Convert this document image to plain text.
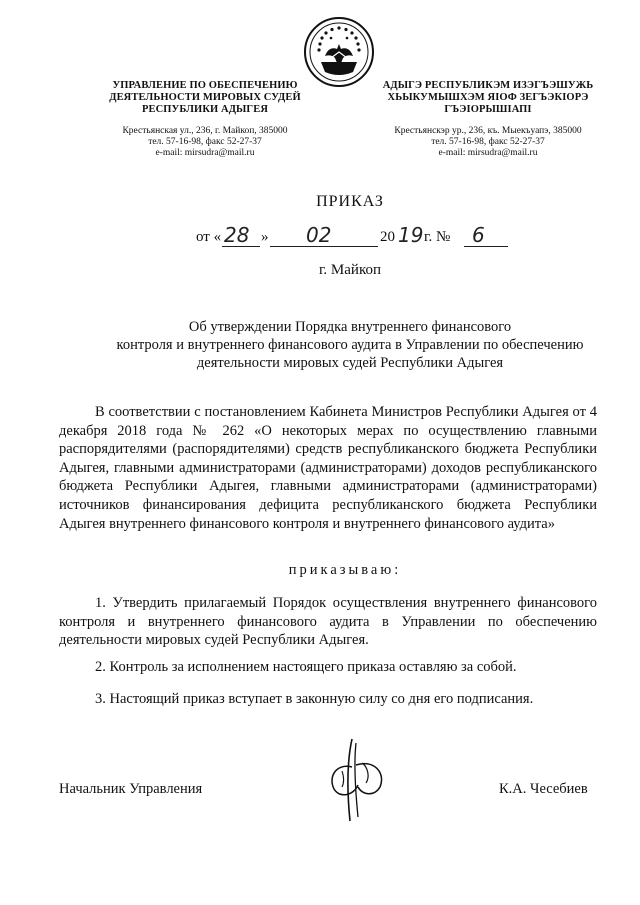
УПРАВЛЕНИЕ ПО ОБЕСПЕЧЕНИЮ
ДЕЯТЕЛЬНОСТИ МИРОВЫХ СУДЕЙ
РЕСПУБЛИКИ АДЫГЕЯ
Крестьянская ул., 236, г. Майкоп, 385000
тел. 57-16-98, факс 52-27-37
e-mail: mirsudra@mail.ru
АДЫГЭ РЕСПУБЛИКЭМ ИЗЭГЪЭШУЖЬ
ХЬЫКУМЫШХЭМ ЯIОФ ЗЕГЪЭКIОРЭ
ГЪЭIОРЫШIАПI
Крестьянскэр ур., 236, къ. Мыекъуапэ, 385000
тел. 57-16-98, факс 52-27-37
e-mail: mirsudra@mail.ru
ПРИКАЗ
от « 28 » 02	20 19 г. № 6
г. Майкоп
Об утверждении Порядка внутреннего финансового
контроля и внутреннего финансового аудита в Управлении по обеспечению
деятельности мировых судей Республики Адыгея
В соответствии с постановлением Кабинета Министров Республики Адыгея от 4 декабря 2018 года № 262 «О некоторых мерах по осуществлению главными распорядителями (распорядителями) средств республиканского бюджета Республики Адыгея, главными администраторами (администраторами) доходов республиканского бюджета Республики Адыгея, главными администраторами (администраторами) источников финансирования дефицита республиканского бюджета Республики Адыгея внутреннего финансового контроля и внутреннего финансового аудита»
приказываю:
1. Утвердить прилагаемый Порядок осуществления внутреннего финансового контроля и внутреннего финансового аудита в Управлении по обеспечению деятельности мировых судей Республики Адыгея.
2. Контроль за исполнением настоящего приказа оставляю за собой.
3. Настоящий приказ вступает в законную силу со дня его подписания.
Начальник Управления	К.А. Чесебиев
